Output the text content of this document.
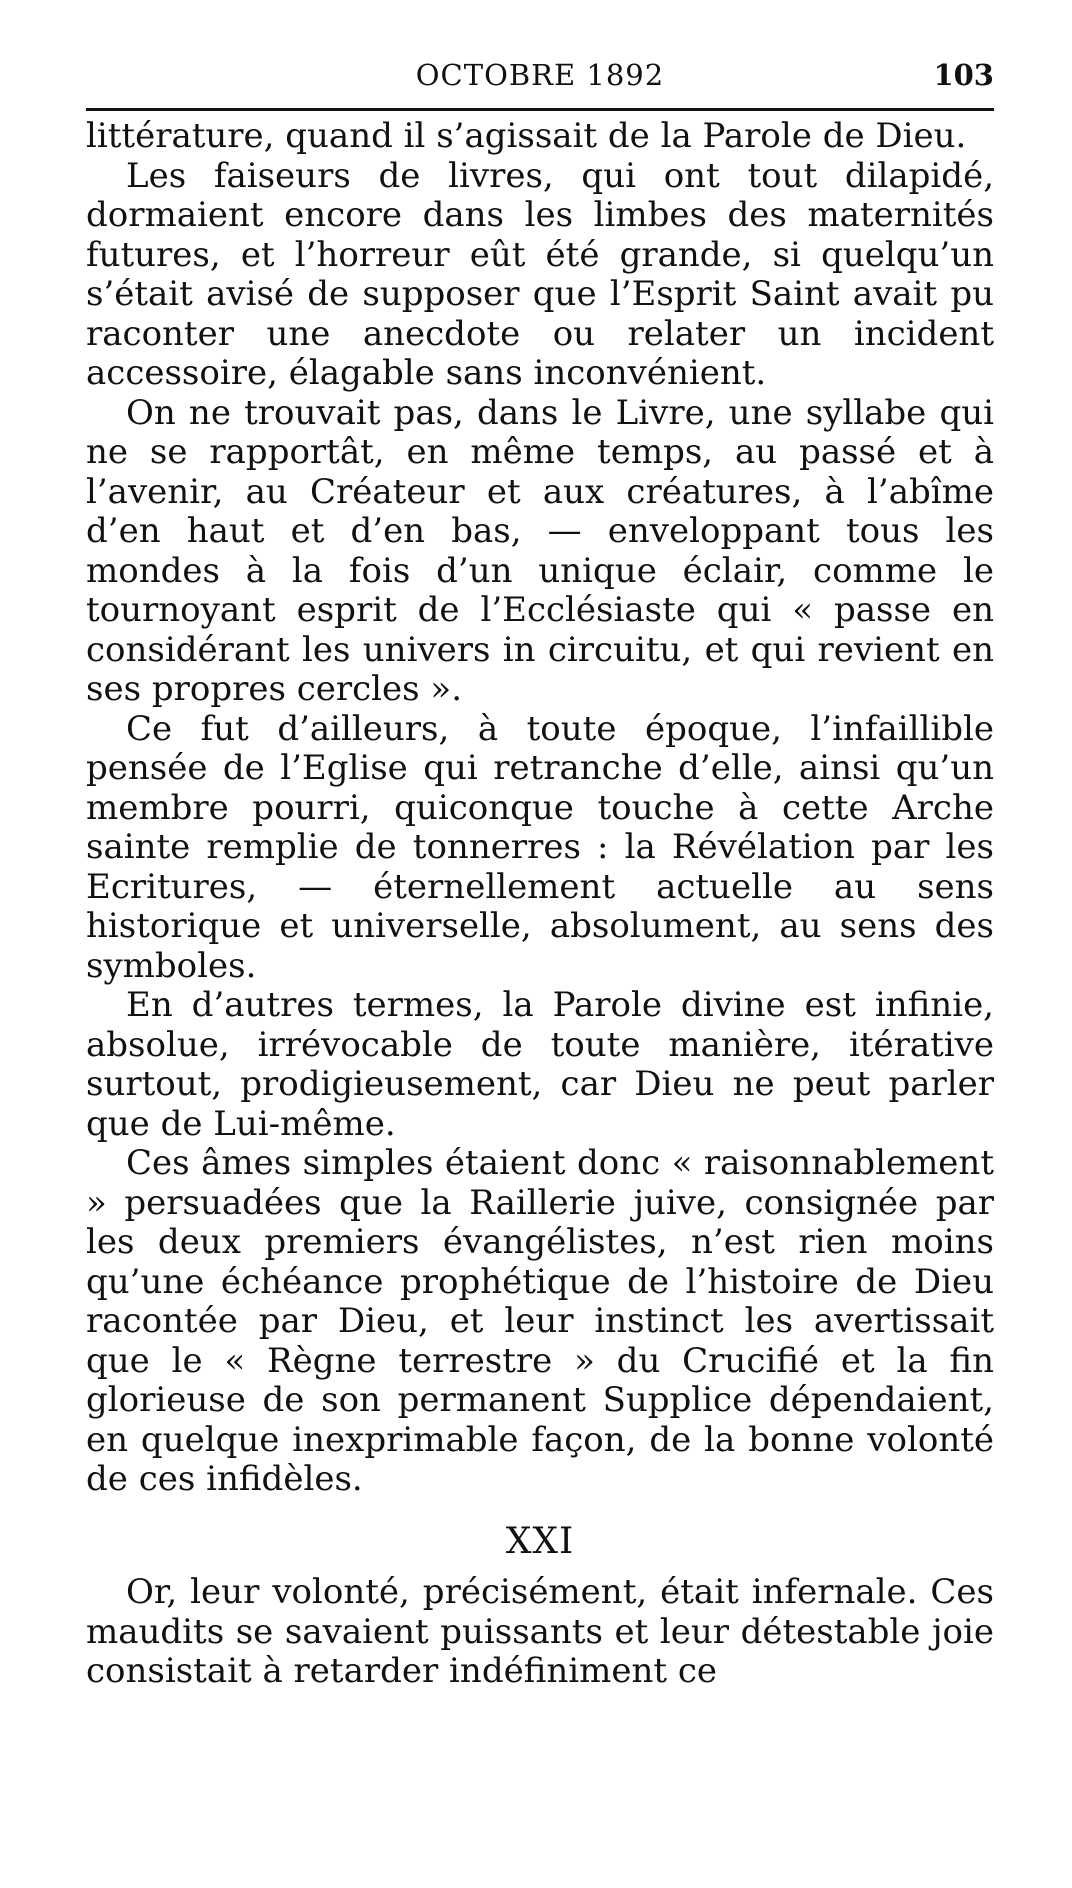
OCTOBRE 1892	103

littérature, quand il s’agissait de la Parole de Dieu.

Les faiseurs de livres, qui ont tout dilapidé, dormaient encore dans les limbes des maternités futures, et l’horreur eût été grande, si quelqu’un s’était avisé de supposer que l’Esprit Saint avait pu raconter une anecdote ou relater un incident accessoire, élagable sans inconvénient.

On ne trouvait pas, dans le Livre, une syllabe qui ne se rapportât, en même temps, au passé et à l’avenir, au Créateur et aux créatures, à l’abîme d’en haut et d’en bas, — enveloppant tous les mondes à la fois d’un unique éclair, comme le tournoyant esprit de l’Ecclésiaste qui « passe en considérant les univers in circuitu, et qui revient en ses propres cercles ».

Ce fut d’ailleurs, à toute époque, l’infaillible pensée de l’Eglise qui retranche d’elle, ainsi qu’un membre pourri, quiconque touche à cette Arche sainte remplie de tonnerres : la Révélation par les Ecritures, — éternellement actuelle au sens historique et universelle, absolument, au sens des symboles.

En d’autres termes, la Parole divine est infinie, absolue, irrévocable de toute manière, itérative surtout, prodigieusement, car Dieu ne peut parler que de Lui-même.

Ces âmes simples étaient donc « raisonnablement » persuadées que la Raillerie juive, consignée par les deux premiers évangélistes, n’est rien moins qu’une échéance prophétique de l’histoire de Dieu racontée par Dieu, et leur instinct les avertissait que le « Règne terrestre » du Crucifié et la fin glorieuse de son permanent Supplice dépendaient, en quelque inexprimable façon, de la bonne volonté de ces infidèles.

XXI

Or, leur volonté, précisément, était infernale. Ces maudits se savaient puissants et leur détestable joie consistait à retarder indéfiniment ce
